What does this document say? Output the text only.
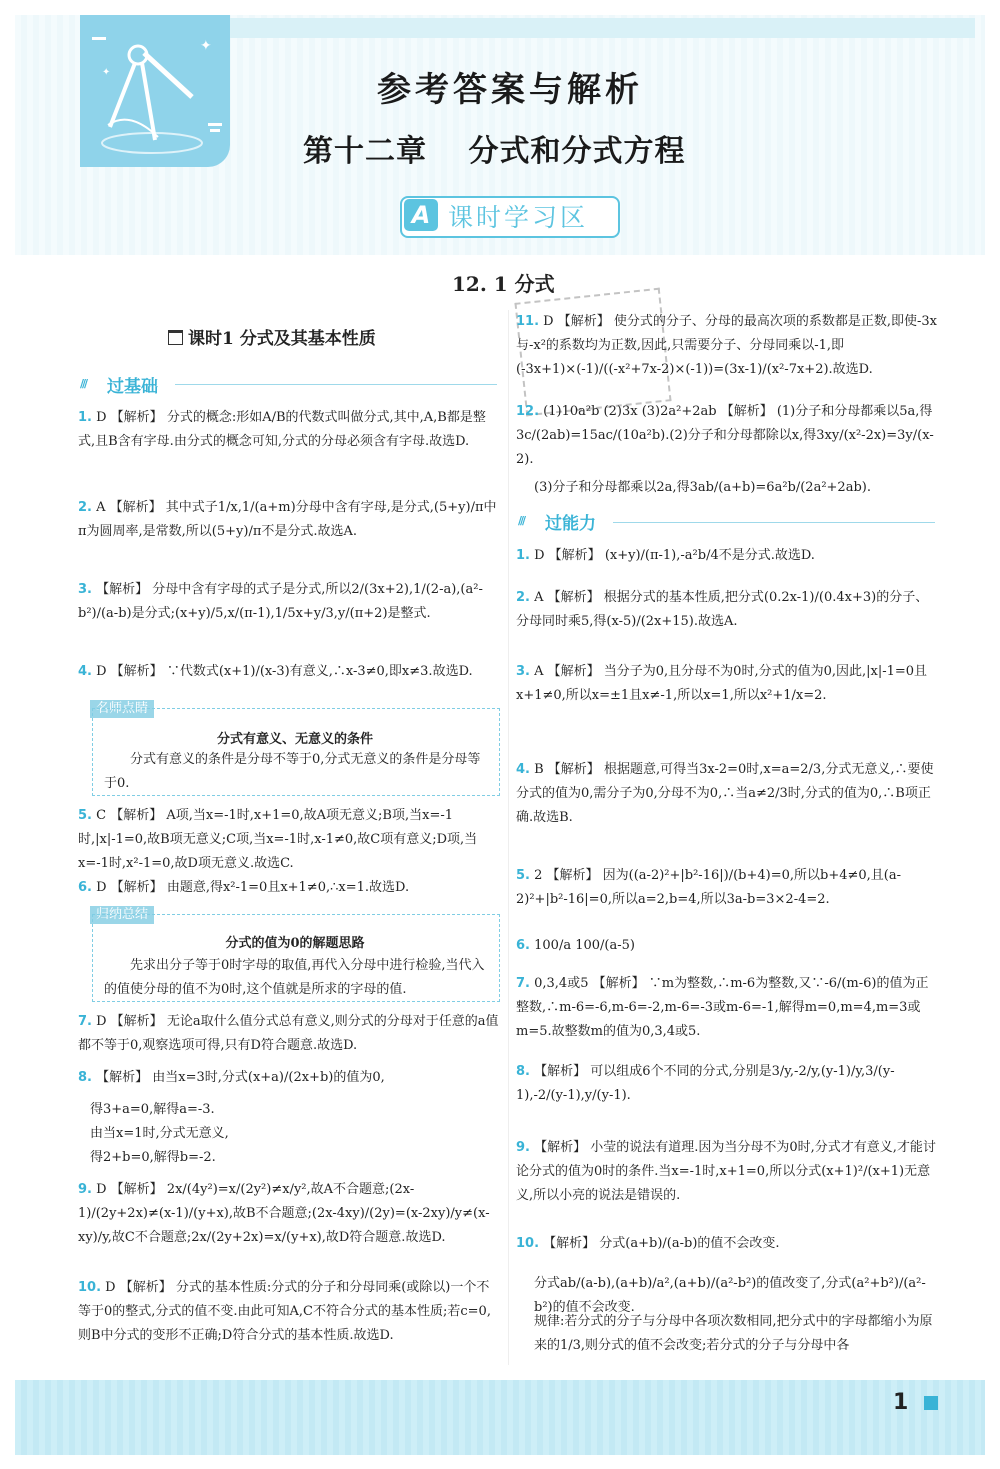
✦
✦	参考答案与解析
第十二章 分式和分式方程
A 课时学习区
12. 1 分式
课时1 分式及其基本性质
/// 过基础
/// 过能力
1. D 【解析】 分式的概念:形如A/B的代数式叫做分式,其中,A,B都是整式,且B含有字母.由分式的概念可知,分式的分母必须含有字母.故选D.
2. A 【解析】 其中式子1/x,1/(a+m)分母中含有字母,是分式,(5+y)/π中π为圆周率,是常数,所以(5+y)/π不是分式.故选A.
3. 【解析】 分母中含有字母的式子是分式,所以2/(3x+2),1/(2-a),(a²-b²)/(a-b)是分式;(x+y)/5,x/(π-1),1/5x+y/3,y/(π+2)是整式.
4. D 【解析】 ∵代数式(x+1)/(x-3)有意义,∴x-3≠0,即x≠3.故选D.
名师点睛
分式有意义、无意义的条件
分式有意义的条件是分母不等于0,分式无意义的条件是分母等于0.
5. C 【解析】 A项,当x=-1时,x+1=0,故A项无意义;B项,当x=-1时,|x|-1=0,故B项无意义;C项,当x=-1时,x-1≠0,故C项有意义;D项,当x=-1时,x²-1=0,故D项无意义.故选C.
6. D 【解析】 由题意,得x²-1=0且x+1≠0,∴x=1.故选D.
归纳总结
分式的值为0的解题思路
先求出分子等于0时字母的取值,再代入分母中进行检验,当代入的值使分母的值不为0时,这个值就是所求的字母的值.
7. D 【解析】 无论a取什么值分式总有意义,则分式的分母对于任意的a值都不等于0,观察选项可得,只有D符合题意.故选D.
8. 【解析】 由当x=3时,分式(x+a)/(2x+b)的值为0,
得3+a=0,解得a=-3.
由当x=1时,分式无意义,
得2+b=0,解得b=-2.
9. D 【解析】 2x/(4y²)=x/(2y²)≠x/y²,故A不合题意;(2x-1)/(2y+2x)≠(x-1)/(y+x),故B不合题意;(2x-4xy)/(2y)=(x-2xy)/y≠(x-xy)/y,故C不合题意;2x/(2y+2x)=x/(y+x),故D符合题意.故选D.
10. D 【解析】 分式的基本性质:分式的分子和分母同乘(或除以)一个不等于0的整式,分式的值不变.由此可知A,C不符合分式的基本性质;若c=0,则B中分式的变形不正确;D符合分式的基本性质.故选D.
11. D 【解析】 使分式的分子、分母的最高次项的系数都是正数,即使-3x与-x²的系数均为正数,因此,只需要分子、分母同乘以-1,即(-3x+1)×(-1)/((-x²+7x-2)×(-1))=(3x-1)/(x²-7x+2).故选D.
12. (1)10a²b (2)3x (3)2a²+2ab 【解析】 (1)分子和分母都乘以5a,得3c/(2ab)=15ac/(10a²b).(2)分子和分母都除以x,得3xy/(x²-2x)=3y/(x-2).
(3)分子和分母都乘以2a,得3ab/(a+b)=6a²b/(2a²+2ab).
1. D 【解析】 (x+y)/(π-1),-a²b/4不是分式.故选D.
2. A 【解析】 根据分式的基本性质,把分式(0.2x-1)/(0.4x+3)的分子、分母同时乘5,得(x-5)/(2x+15).故选A.
3. A 【解析】 当分子为0,且分母不为0时,分式的值为0,因此,|x|-1=0且x+1≠0,所以x=±1且x≠-1,所以x=1,所以x²+1/x=2.
4. B 【解析】 根据题意,可得当3x-2=0时,x=a=2/3,分式无意义,∴要使分式的值为0,需分子为0,分母不为0,∴当a≠2/3时,分式的值为0,∴B项正确.故选B.
5. 2 【解析】 因为((a-2)²+|b²-16|)/(b+4)=0,所以b+4≠0,且(a-2)²+|b²-16|=0,所以a=2,b=4,所以3a-b=3×2-4=2.
6. 100/a 100/(a-5)
7. 0,3,4或5 【解析】 ∵m为整数,∴m-6为整数,又∵-6/(m-6)的值为正整数,∴m-6=-6,m-6=-2,m-6=-3或m-6=-1,解得m=0,m=4,m=3或m=5.故整数m的值为0,3,4或5.
8. 【解析】 可以组成6个不同的分式,分别是3/y,-2/y,(y-1)/y,3/(y-1),-2/(y-1),y/(y-1).
9. 【解析】 小莹的说法有道理.因为当分母不为0时,分式才有意义,才能讨论分式的值为0时的条件.当x=-1时,x+1=0,所以分式(x+1)²/(x+1)无意义,所以小亮的说法是错误的.
10. 【解析】 分式(a+b)/(a-b)的值不会改变.
分式ab/(a-b),(a+b)/a²,(a+b)/(a²-b²)的值改变了,分式(a²+b²)/(a²-b²)的值不会改变.
规律:若分式的分子与分母中各项次数相同,把分式中的字母都缩小为原来的1/3,则分式的值不会改变;若分式的分子与分母中各
1
